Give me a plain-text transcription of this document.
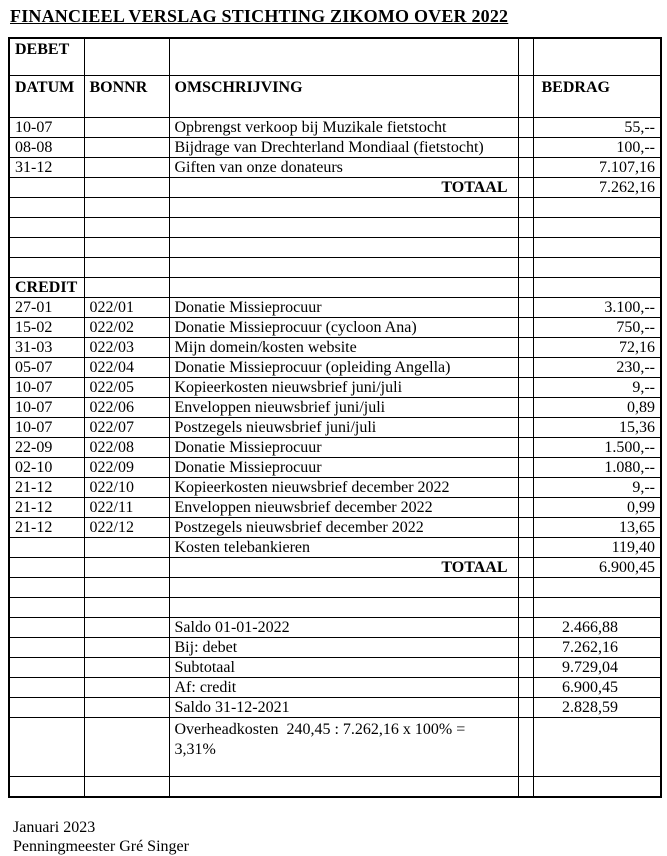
FINANCIEEL VERSLAG STICHTING ZIKOMO OVER 2022
DEBET				
DATUM	BONNR	OMSCHRIJVING		BEDRAG
10-07		Opbrengst verkoop bij Muzikale fietstocht		55,--
08-08		Bijdrage van Drechterland Mondiaal (fietstocht)		100,--
31-12		Giften van onze donateurs		7.107,16
		TOTAAL		7.262,16

CREDIT				
27-01	022/01	Donatie Missieprocuur		3.100,--
15-02	022/02	Donatie Missieprocuur (cycloon Ana)		750,--
31-03	022/03	Mijn domein/kosten website		72,16
05-07	022/04	Donatie Missieprocuur (opleiding Angella)		230,--
10-07	022/05	Kopieerkosten nieuwsbrief juni/juli		9,--
10-07	022/06	Enveloppen nieuwsbrief juni/juli		0,89
10-07	022/07	Postzegels nieuwsbrief juni/juli		15,36
22-09	022/08	Donatie Missieprocuur		1.500,--
02-10	022/09	Donatie Missieprocuur		1.080,--
21-12	022/10	Kopieerkosten nieuwsbrief december 2022		9,--
21-12	022/11	Enveloppen nieuwsbrief december 2022		0,99
21-12	022/12	Postzegels nieuwsbrief december 2022		13,65
		Kosten telebankieren		119,40
		TOTAAL		6.900,45

		Saldo 01-01-2022		2.466,88
		Bij: debet		7.262,16
		Subtotaal		9.729,04
		Af: credit		6.900,45
		Saldo 31-12-2021		2.828,59

		Overheadkosten  240,45 : 7.262,16 x 100% =
3,31%		

Januari 2023
Penningmeester Gré Singer
